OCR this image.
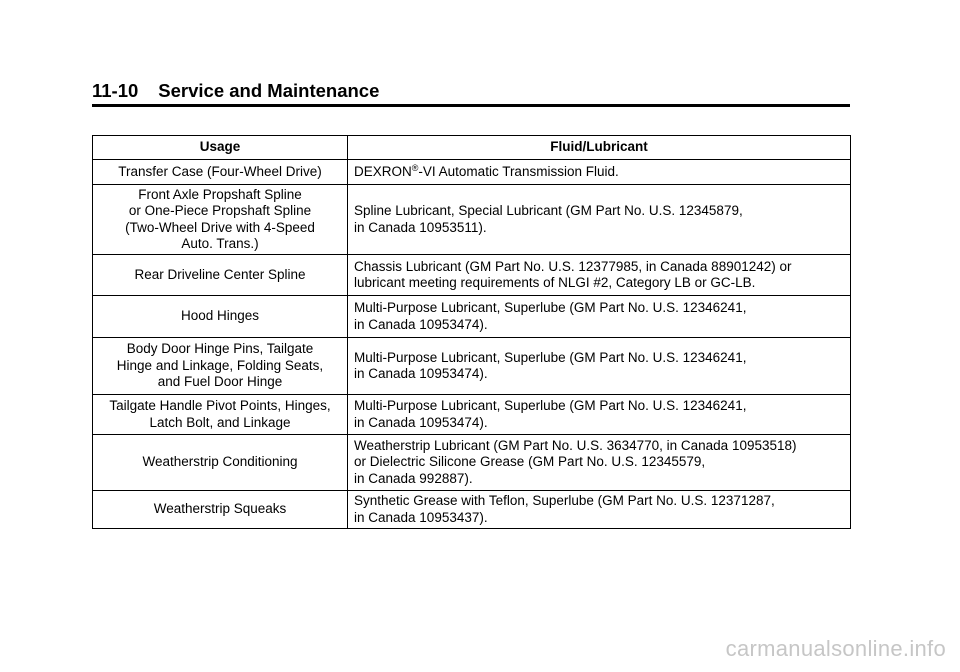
11-10 Service and Maintenance
Usage	Fluid/Lubricant

Transfer Case (Four-Wheel Drive)	DEXRON®-VI Automatic Transmission Fluid.

Front Axle Propshaft Spline
or One-Piece Propshaft Spline
(Two-Wheel Drive with 4-Speed
Auto. Trans.)	Spline Lubricant, Special Lubricant (GM Part No. U.S. 12345879,
in Canada 10953511).

Rear Driveline Center Spline	Chassis Lubricant (GM Part No. U.S. 12377985, in Canada 88901242) or
lubricant meeting requirements of NLGI #2, Category LB or GC-LB.

Hood Hinges	Multi-Purpose Lubricant, Superlube (GM Part No. U.S. 12346241,
in Canada 10953474).

Body Door Hinge Pins, Tailgate
Hinge and Linkage, Folding Seats,
and Fuel Door Hinge	Multi-Purpose Lubricant, Superlube (GM Part No. U.S. 12346241,
in Canada 10953474).

Tailgate Handle Pivot Points, Hinges,
Latch Bolt, and Linkage	Multi-Purpose Lubricant, Superlube (GM Part No. U.S. 12346241,
in Canada 10953474).

Weatherstrip Conditioning	Weatherstrip Lubricant (GM Part No. U.S. 3634770, in Canada 10953518)
or Dielectric Silicone Grease (GM Part No. U.S. 12345579,
in Canada 992887).

Weatherstrip Squeaks	Synthetic Grease with Teflon, Superlube (GM Part No. U.S. 12371287,
in Canada 10953437).
carmanualsonline.info
